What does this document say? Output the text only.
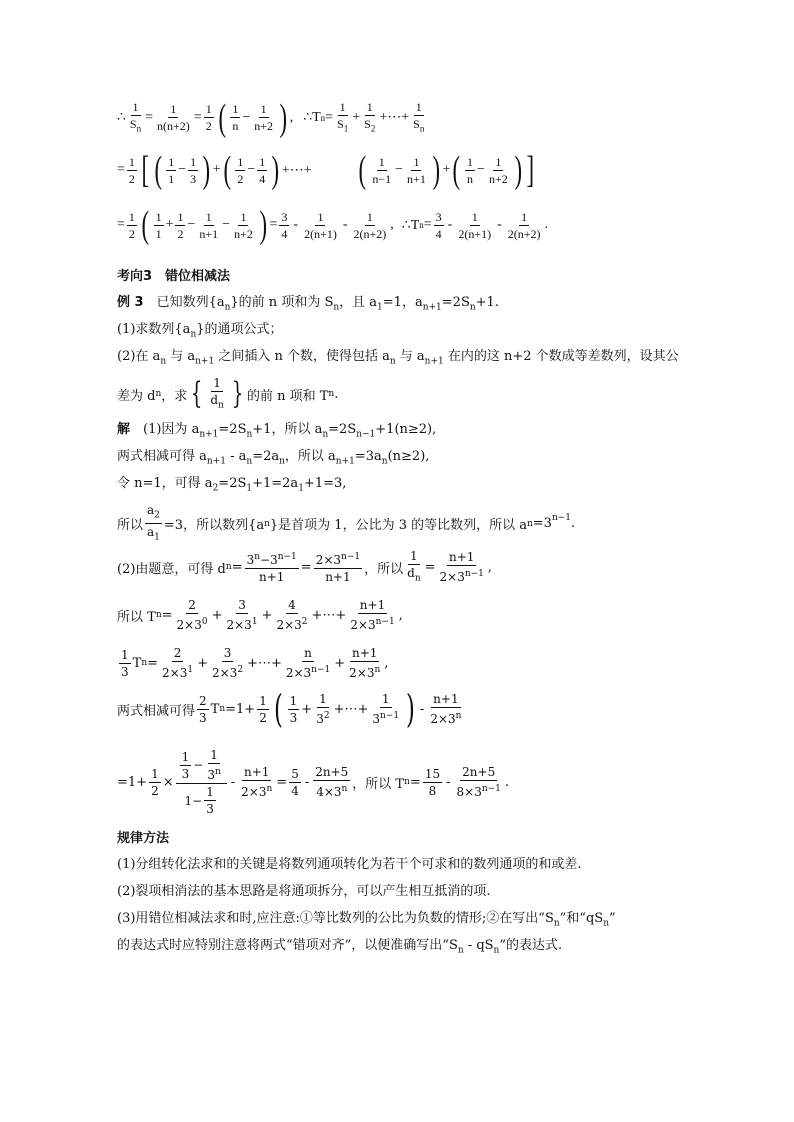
∴ $\frac{1}{S_n} = \frac{1}{n(n+2)} = \frac{1}{2}$ ( $\frac{1}{n} - \frac{1}{n+2}$ ) , ∴T $n = \frac{1}{S_1} + \frac{1}{S_2}$ +⋯+ $\frac{1}{S_n}$
= $\frac{1}{2}$ [ ( $\frac{1}{1} - \frac{1}{3}$ ) + ( $\frac{1}{2} - \frac{1}{4}$ ) +⋯+ ( $\frac{1}{n-1} - \frac{1}{n+1}$ ) + ( $\frac{1}{n} - \frac{1}{n+2}$ ) ]
= $\frac{1}{2}$ ( $\frac{1}{1} + \frac{1}{2} - \frac{1}{n+1} - \frac{1}{n+2}$ ) = $\frac{3}{4} - \frac{1}{2(n+1)} - \frac{1}{2(n+2)}$ , ∴T $n = \frac{3}{4} - \frac{1}{2(n+1)} - \frac{1}{2(n+2)}$ .
考向3　错位相减法
例 3　已知数列$\{a_n\}$的前 n 项和为 $S_n$，且 $a_1=1$，$a_{n+1}=2S_n+1$.
(1)求数列$\{a_n\}$的通项公式；
(2)在 $a_n$ 与 $a_{n+1}$ 之间插入 n 个数，使得包括 $a_n$ 与 $a_{n+1}$ 在内的这 n+2 个数成等差数列，设其公
差为 d n ，求 { $\frac{1}{d_n}$ } 的前 n 项和 T n .
解　(1)因为 $a_{n+1}=2S_n+1$，所以 $a_n=2S_{n-1}+1(n\ge 2)$,
两式相减可得 $a_{n+1} - a_n=2a_n$，所以 $a_{n+1}=3a_n(n\ge 2)$,
令 n=1，可得 $a_2=2S_1+1=2a_1+1=3$,
所以 $\frac{a_2}{a_1} =3$，所以数列{a n }是首项为 1，公比为 3 的等比数列，所以 a $n =3^{n-1}$ .
(2)由题意，可得 d $n = \frac{3^n-3^{n-1}}{n+1} = \frac{2\times 3^{n-1}}{n+1}$ ，所以 $\frac{1}{d_n} = \frac{n+1}{2\times 3^{n-1}}$ ,
所以 T $n = \frac{2}{2\times 3^0} + \frac{3}{2\times 3^1} + \frac{4}{2\times 3^2}$ +⋯+ $\frac{n+1}{2\times 3^{n-1}}$ ,
$\frac{1}{3}$ T $n = \frac{2}{2\times 3^1} + \frac{3}{2\times 3^2}$ +⋯+ $\frac{n}{2\times 3^{n-1}} + \frac{n+1}{2\times 3^n}$ ,
两式相减可得 $\frac{2}{3}$ T $n =1+ \frac{1}{2}$ ( $\frac{1}{3} + \frac{1}{3^2}$ +⋯+ $\frac{1}{3^{n-1}}$ ) - $\frac{n+1}{2\times 3^n}$
$=1+ \frac{1}{2} \times \frac{\frac{1}{3} - \frac{1}{3^n}}{1- \frac{1}{3}} - \frac{n+1}{2\times 3^n} = \frac{5}{4} - \frac{2n+5}{4\times 3^n}$ ，所以 T $n = \frac{15}{8} - \frac{2n+5}{8\times 3^{n-1}}$ .
规律方法
(1)分组转化法求和的关键是将数列通项转化为若干个可求和的数列通项的和或差.
(2)裂项相消法的基本思路是将通项拆分，可以产生相互抵消的项.
(3)用错位相减法求和时,应注意:①等比数列的公比为负数的情形;②在写出“$S_n$”和“$qS_n$”
的表达式时应特别注意将两式“错项对齐”，以便准确写出“$S_n - qS_n$”的表达式.
